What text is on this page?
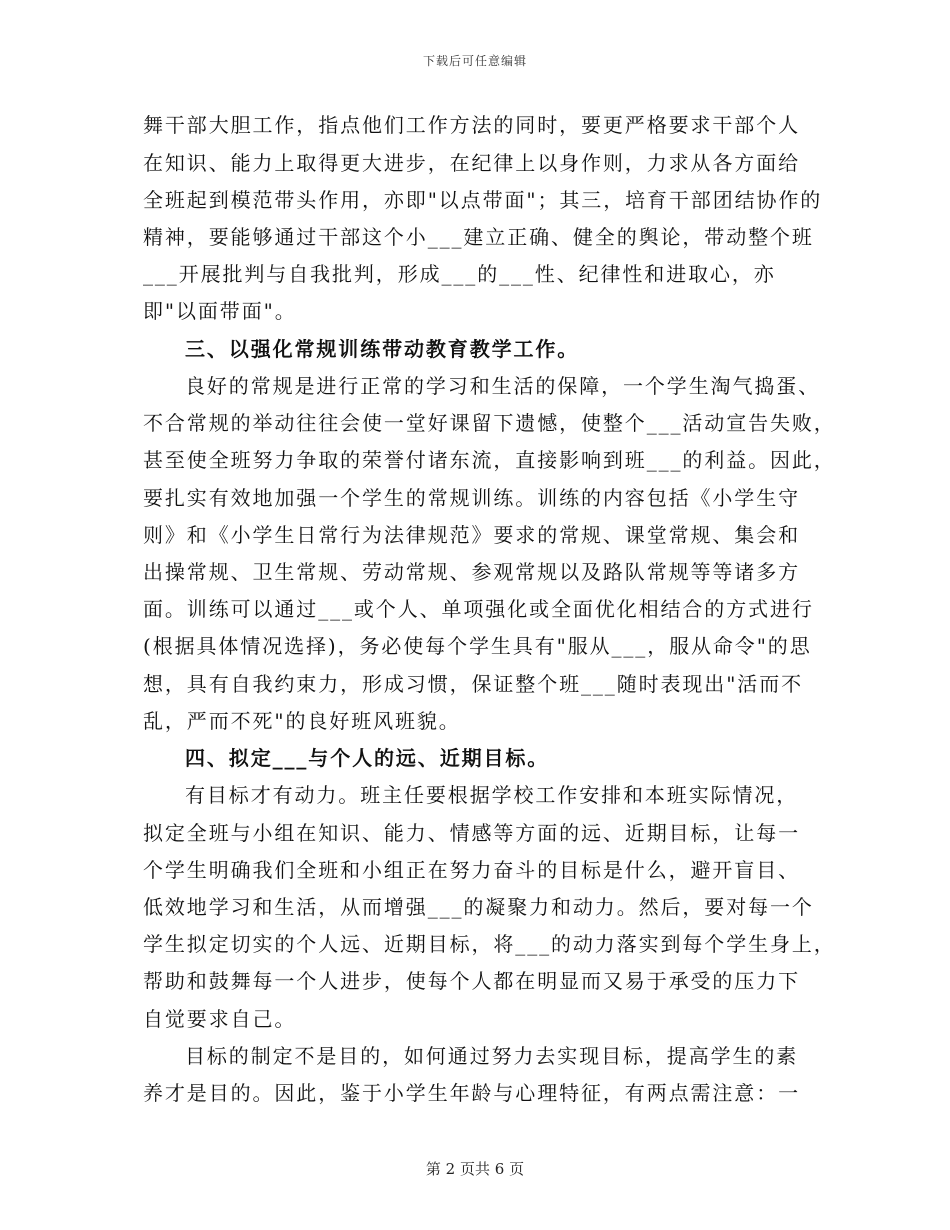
下载后可任意编辑
舞干部大胆工作，指点他们工作方法的同时，要更严格要求干部个人
在知识、能力上取得更大进步，在纪律上以身作则，力求从各方面给
全班起到模范带头作用，亦即"以点带面"；其三，培育干部团结协作的
精神，要能够通过干部这个小___建立正确、健全的舆论，带动整个班
___开展批判与自我批判，形成___的___性、纪律性和进取心，亦
即"以面带面"。
三、以强化常规训练带动教育教学工作。
良好的常规是进行正常的学习和生活的保障，一个学生淘气捣蛋、
不合常规的举动往往会使一堂好课留下遗憾，使整个___活动宣告失败，
甚至使全班努力争取的荣誉付诸东流，直接影响到班___的利益。因此，
要扎实有效地加强一个学生的常规训练。训练的内容包括《小学生守
则》和《小学生日常行为法律规范》要求的常规、课堂常规、集会和
出操常规、卫生常规、劳动常规、参观常规以及路队常规等等诸多方
面。训练可以通过___或个人、单项强化或全面优化相结合的方式进行
(根据具体情况选择)，务必使每个学生具有"服从___，服从命令"的思
想，具有自我约束力，形成习惯，保证整个班___随时表现出"活而不
乱，严而不死"的良好班风班貌。
四、拟定___与个人的远、近期目标。
有目标才有动力。班主任要根据学校工作安排和本班实际情况，
拟定全班与小组在知识、能力、情感等方面的远、近期目标，让每一
个学生明确我们全班和小组正在努力奋斗的目标是什么，避开盲目、
低效地学习和生活，从而增强___的凝聚力和动力。然后，要对每一个
学生拟定切实的个人远、近期目标，将___的动力落实到每个学生身上，
帮助和鼓舞每一个人进步，使每个人都在明显而又易于承受的压力下
自觉要求自己。
目标的制定不是目的，如何通过努力去实现目标，提高学生的素
养才是目的。因此，鉴于小学生年龄与心理特征，有两点需注意：一
第 2 页共 6 页
